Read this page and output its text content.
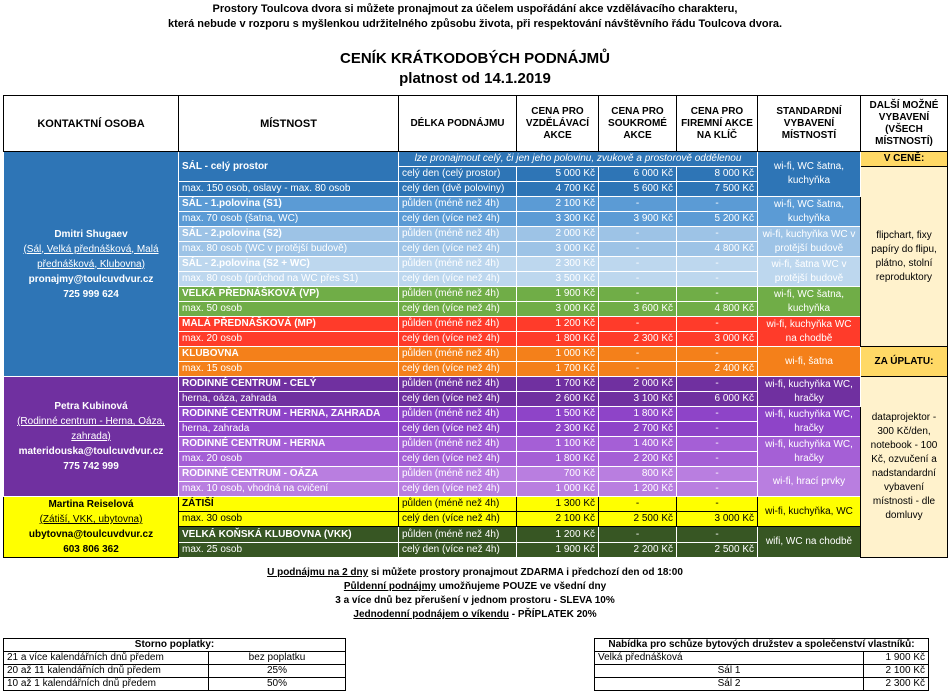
Prostory Toulcova dvora si můžete pronajmout za účelem uspořádání akce vzdělávacího charakteru,
která nebude v rozporu s myšlenkou udržitelného způsobu života, při respektování návštěvního řádu Toulcova dvora.
CENÍK KRÁTKODOBÝCH PODNÁJMŮ
platnost od 14.1.2019
KONTAKTNÍ OSOBA	MÍSTNOST	DÉLKA PODNÁJMU	CENA PRO VZDĚLÁVACÍ AKCE	CENA PRO SOUKROMÉ AKCE	CENA PRO FIREMNÍ AKCE NA KLÍČ	STANDARDNÍ VYBAVENÍ MÍSTNOSTÍ	DALŠÍ MOŽNÉ VYBAVENÍ (VŠECH MÍSTNOSTÍ)
Dmitri Shugaev
(Sál, Velká přednášková, Malá přednášková, Klubovna)
pronajmy@toulcuvdvur.cz
725 999 624	SÁL - celý prostor	lze pronajmout celý, či jen jeho polovinu, zvukově a prostorově oddělenou				wi-fi, WC šatna, kuchyňka	V CENĚ:
		celý den (celý prostor)	5 000 Kč	6 000 Kč	8 000 Kč		flipchart, fixy papíry do flipu, plátno, stolní reproduktory
	max. 150 osob, oslavy - max. 80 osob	celý den (dvě poloviny)	4 700 Kč	5 600 Kč	7 500 Kč		
	SÁL - 1.polovina (S1)	půlden (méně než 4h)	2 100 Kč	-	-	wi-fi, WC šatna, kuchyňka	
	max. 70 osob (šatna, WC)	celý den (více než 4h)	3 300 Kč	3 900 Kč	5 200 Kč		
	SÁL - 2.polovina (S2)	půlden (méně než 4h)	2 000 Kč	-	-	wi-fi, kuchyňka WC v protější budově	
	max. 80 osob (WC v protější budově)	celý den (více než 4h)	3 000 Kč	-	4 800 Kč		
	SÁL - 2.polovina (S2 + WC)	půlden (méně než 4h)	2 300 Kč	-	-	wi-fi, šatna WC v protější budově	
	max. 80 osob (průchod na WC přes S1)	celý den (více než 4h)	3 500 Kč	-	-		
	VELKÁ PŘEDNÁŠKOVÁ (VP)	půlden (méně než 4h)	1 900 Kč	-	-	wi-fi, WC šatna, kuchyňka	
	max. 50 osob	celý den (více než 4h)	3 000 Kč	3 600 Kč	4 800 Kč		
	MALÁ PŘEDNÁŠKOVÁ (MP)	půlden (méně než 4h)	1 200 Kč	-	-	wi-fi, kuchyňka WC na chodbě	
	max. 20 osob	celý den (více než 4h)	1 800 Kč	2 300 Kč	3 000 Kč		
	KLUBOVNA	půlden (méně než 4h)	1 000 Kč	-	-	wi-fi, šatna	ZA ÚPLATU:
	max. 15 osob	celý den (více než 4h)	1 700 Kč	-	2 400 Kč		
Petra Kubinová
(Rodinné centrum - Herna, Oáza, zahrada)
materidouska@toulcuvdvur.cz
775 742 999	RODINNÉ CENTRUM - CELÝ	půlden (méně než 4h)	1 700 Kč	2 000 Kč	-	wi-fi, kuchyňka WC, hračky	dataprojektor - 300 Kč/den, notebook - 100 Kč, ozvučení a nadstandardní vybavení místnosti - dle domluvy
	herna, oáza, zahrada	celý den (více než 4h)	2 600 Kč	3 100 Kč	6 000 Kč		
	RODINNÉ CENTRUM - HERNA, ZAHRADA	půlden (méně než 4h)	1 500 Kč	1 800 Kč	-	wi-fi, kuchyňka WC, hračky	
	herna, zahrada	celý den (více než 4h)	2 300 Kč	2 700 Kč	-		
	RODINNÉ CENTRUM - HERNA	půlden (méně než 4h)	1 100 Kč	1 400 Kč	-	wi-fi, kuchyňka WC, hračky	
	max. 20 osob	celý den (více než 4h)	1 800 Kč	2 200 Kč	-		
	RODINNÉ CENTRUM - OÁZA	půlden (méně než 4h)	700 Kč	800 Kč	-	wi-fi, hrací prvky	
	max. 10 osob, vhodná na cvičení	celý den (více než 4h)	1 000 Kč	1 200 Kč	-		
Martina Reiselová
(Zátiší, VKK, ubytovna)
ubytovna@toulcuvdvur.cz
603 806 362	ZÁTIŠÍ	půlden (méně než 4h)	1 300 Kč	-	-	wi-fi, kuchyňka, WC	
	max. 30 osob	celý den (více než 4h)	2 100 Kč	2 500 Kč	3 000 Kč		
	VELKÁ KOŇSKÁ KLUBOVNA (VKK)	půlden (méně než 4h)	1 200 Kč	-	-	wifi, WC na chodbě	
	max. 25 osob	celý den (více než 4h)	1 900 Kč	2 200 Kč	2 500 Kč		
U podnájmu na 2 dny si můžete prostory pronajmout ZDARMA i předchozí den od 18:00
Půldenní podnájmy umožňujeme POUZE ve všední dny
3 a více dnů bez přerušení v jednom prostoru - SLEVA 10%
Jednodenní podnájem o víkendu - PŘÍPLATEK 20%
Storno poplatky:	
21 a více kalendářních dnů předem	bez poplatku
20 až 11 kalendářních dnů předem	25%
10 až 1 kalendářních dnů předem	50%
Nabídka pro schůze bytových družstev a společenství vlastníků:	
Velká přednášková	1 900 Kč
Sál 1	2 100 Kč
Sál 2	2 300 Kč
